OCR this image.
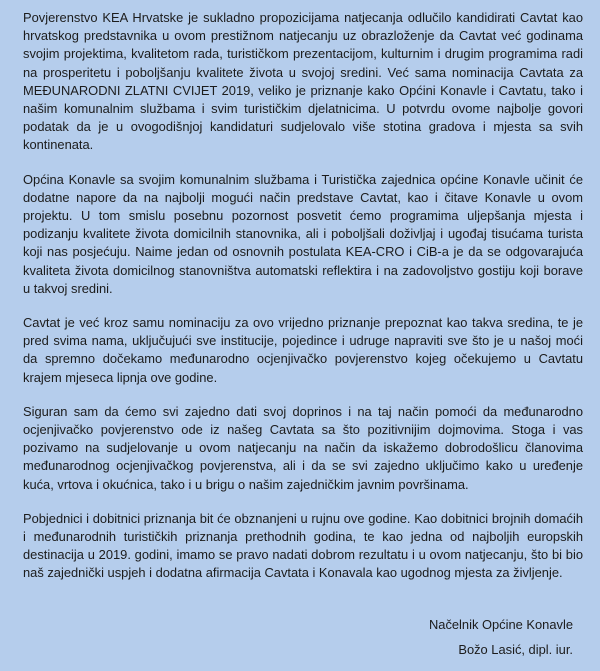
Povjerenstvo KEA Hrvatske je sukladno propozicijama natjecanja odlučilo kandidirati Cavtat kao hrvatskog predstavnika u ovom prestižnom natjecanju uz obrazloženje da Cavtat već godinama svojim projektima, kvalitetom rada, turističkom prezentacijom, kulturnim i drugim programima radi na prosperitetu i poboljšanju kvalitete života u svojoj sredini. Već sama nominacija Cavtata za MEĐUNARODNI ZLATNI CVIJET 2019, veliko je priznanje kako Općini Konavle i Cavtatu, tako i našim komunalnim službama i svim turističkim djelatnicima. U potvrdu ovome najbolje govori podatak da je u ovogodišnjoj kandidaturi sudjelovalo više stotina gradova i mjesta sa svih kontinenata.

Općina Konavle sa svojim komunalnim službama i Turistička zajednica općine Konavle učinit će dodatne napore da na najbolji mogući način predstave Cavtat, kao i čitave Konavle u ovom projektu. U tom smislu posebnu pozornost posvetit ćemo programima uljepšanja mjesta i podizanju kvalitete života domicilnih stanovnika, ali i poboljšali doživljaj i ugođaj tisućama turista koji nas posjećuju. Naime jedan od osnovnih postulata KEA-CRO i CiB-a je da se odgovarajuća kvaliteta života domicilnog stanovništva automatski reflektira i na zadovoljstvo gostiju koji borave u takvoj sredini.

Cavtat je već kroz samu nominaciju za ovo vrijedno priznanje prepoznat kao takva sredina, te je pred svima nama, uključujući sve institucije, pojedince i udruge napraviti sve što je u našoj moći da spremno dočekamo međunarodno ocjenjivačko povjerenstvo kojeg očekujemo u Cavtatu krajem mjeseca lipnja ove godine.

Siguran sam da ćemo svi zajedno dati svoj doprinos i na taj način pomoći da međunarodno ocjenjivačko povjerenstvo ode iz našeg Cavtata sa što pozitivnijim dojmovima. Stoga i vas pozivamo na sudjelovanje u ovom natjecanju na način da iskažemo dobrodošlicu članovima međunarodnog ocjenjivačkog povjerenstva, ali i da se svi zajedno uključimo kako u uređenje kuća, vrtova i okućnica, tako i u brigu o našim zajedničkim javnim površinama.

Pobjednici i dobitnici priznanja bit će obznanjeni u rujnu ove godine. Kao dobitnici brojnih domaćih i međunarodnih turističkih priznanja prethodnih godina, te kao jedna od najboljih europskih destinacija u 2019. godini, imamo se pravo nadati dobrom rezultatu i u ovom natjecanju, što bi bio naš zajednički uspjeh i dodatna afirmacija Cavtata i Konavala kao ugodnog mjesta za življenje.

Načelnik Općine Konavle

Božo Lasić, dipl. iur.
